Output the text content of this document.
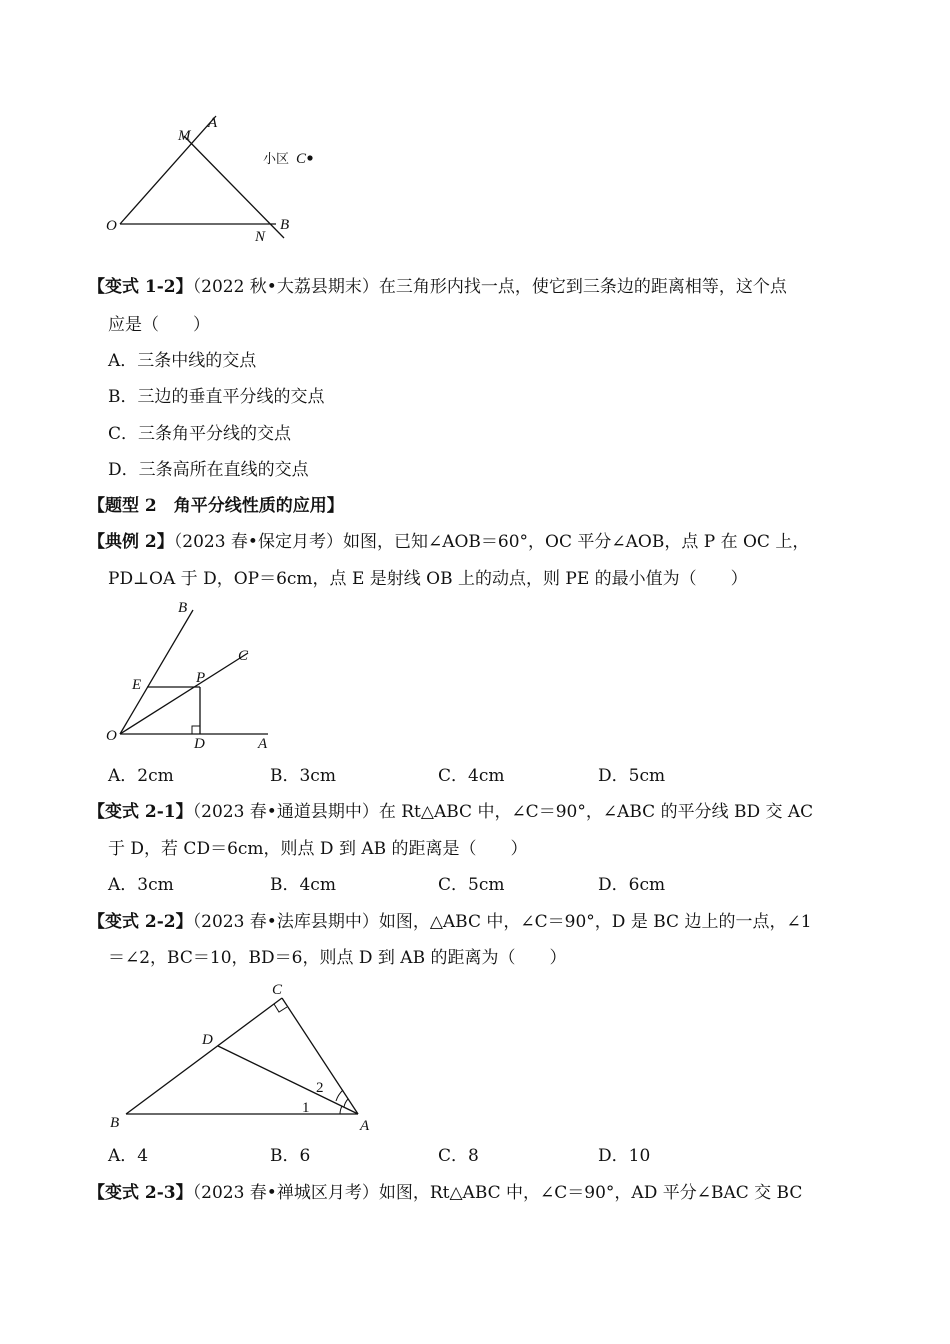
M
A
O
N
B
小区 C
【变式 1-2】（2022 秋•大荔县期末）在三角形内找一点，使它到三条边的距离相等，这个点
应是（　　）
A．三条中线的交点
B．三边的垂直平分线的交点
C．三条角平分线的交点
D．三条高所在直线的交点
【题型 2　角平分线性质的应用】
【典例 2】（2023 春•保定月考）如图，已知∠AOB＝60°，OC 平分∠AOB，点 P 在 OC 上，
PD⊥OA 于 D，OP＝6cm，点 E 是射线 OB 上的动点，则 PE 的最小值为（　　）
B
C
E	P
O	D	A
A．2cm	B．3cm	C．4cm	D．5cm
【变式 2-1】（2023 春•通道县期中）在 Rt△ABC 中，∠C＝90°，∠ABC 的平分线 BD 交 AC
于 D，若 CD＝6cm，则点 D 到 AB 的距离是（　　）
A．3cm	B．4cm	C．5cm	D．6cm
【变式 2-2】（2023 春•法库县期中）如图，△ABC 中，∠C＝90°，D 是 BC 边上的一点，∠1
＝∠2，BC＝10，BD＝6，则点 D 到 AB 的距离为（　　）
C
D
B	A
1
2
A．4	B．6	C．8	D．10
【变式 2-3】（2023 春•禅城区月考）如图，Rt△ABC 中，∠C＝90°，AD 平分∠BAC 交 BC
